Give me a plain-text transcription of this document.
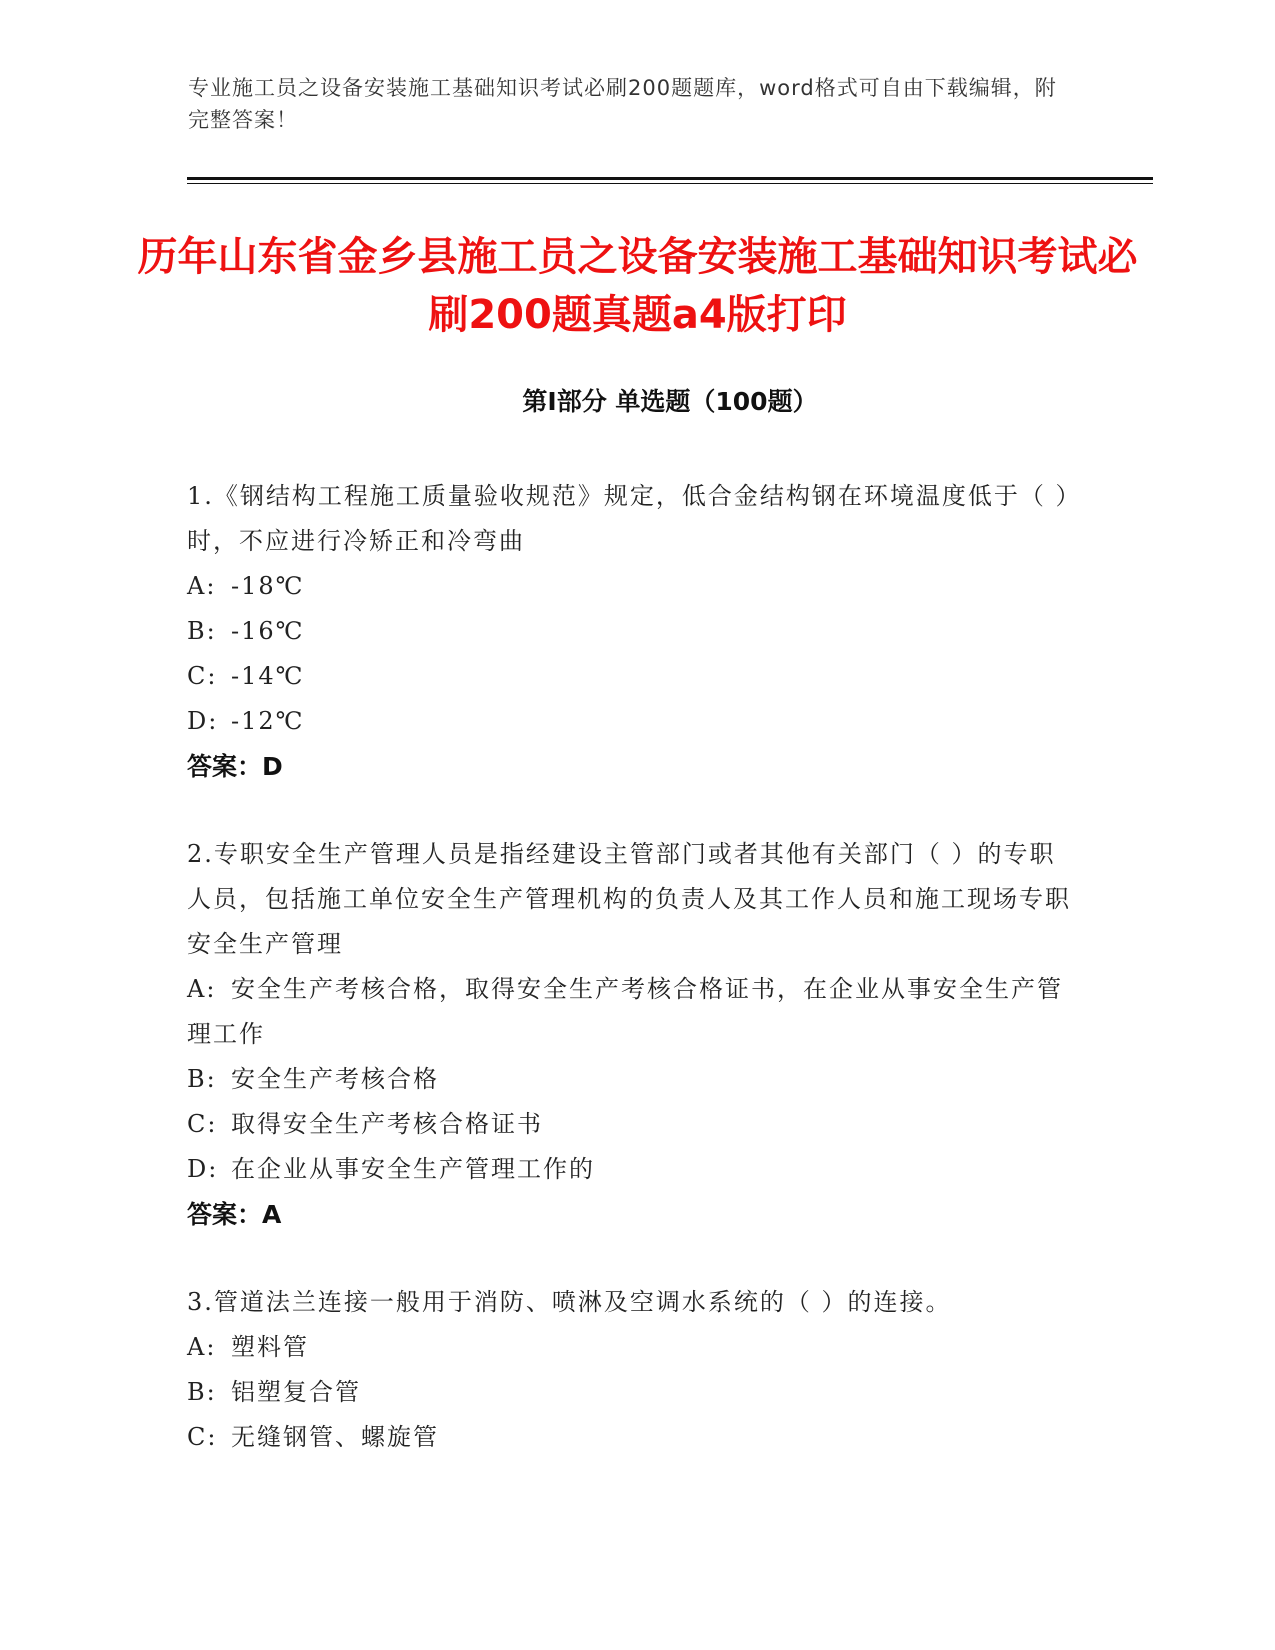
专业施工员之设备安装施工基础知识考试必刷200题题库，word格式可自由下载编辑，附完整答案！
历年山东省金乡县施工员之设备安装施工基础知识考试必刷200题真题a4版打印
第I部分 单选题（100题）
1.《钢结构工程施工质量验收规范》规定，低合金结构钢在环境温度低于（ ）时，不应进行冷矫正和冷弯曲
A: -18℃
B: -16℃
C: -14℃
D: -12℃
答案：D
2.专职安全生产管理人员是指经建设主管部门或者其他有关部门（ ）的专职人员，包括施工单位安全生产管理机构的负责人及其工作人员和施工现场专职安全生产管理
A: 安全生产考核合格，取得安全生产考核合格证书，在企业从事安全生产管理工作
B: 安全生产考核合格
C: 取得安全生产考核合格证书
D: 在企业从事安全生产管理工作的
答案：A
3.管道法兰连接一般用于消防、喷淋及空调水系统的（ ）的连接。
A: 塑料管
B: 铝塑复合管
C: 无缝钢管、螺旋管
